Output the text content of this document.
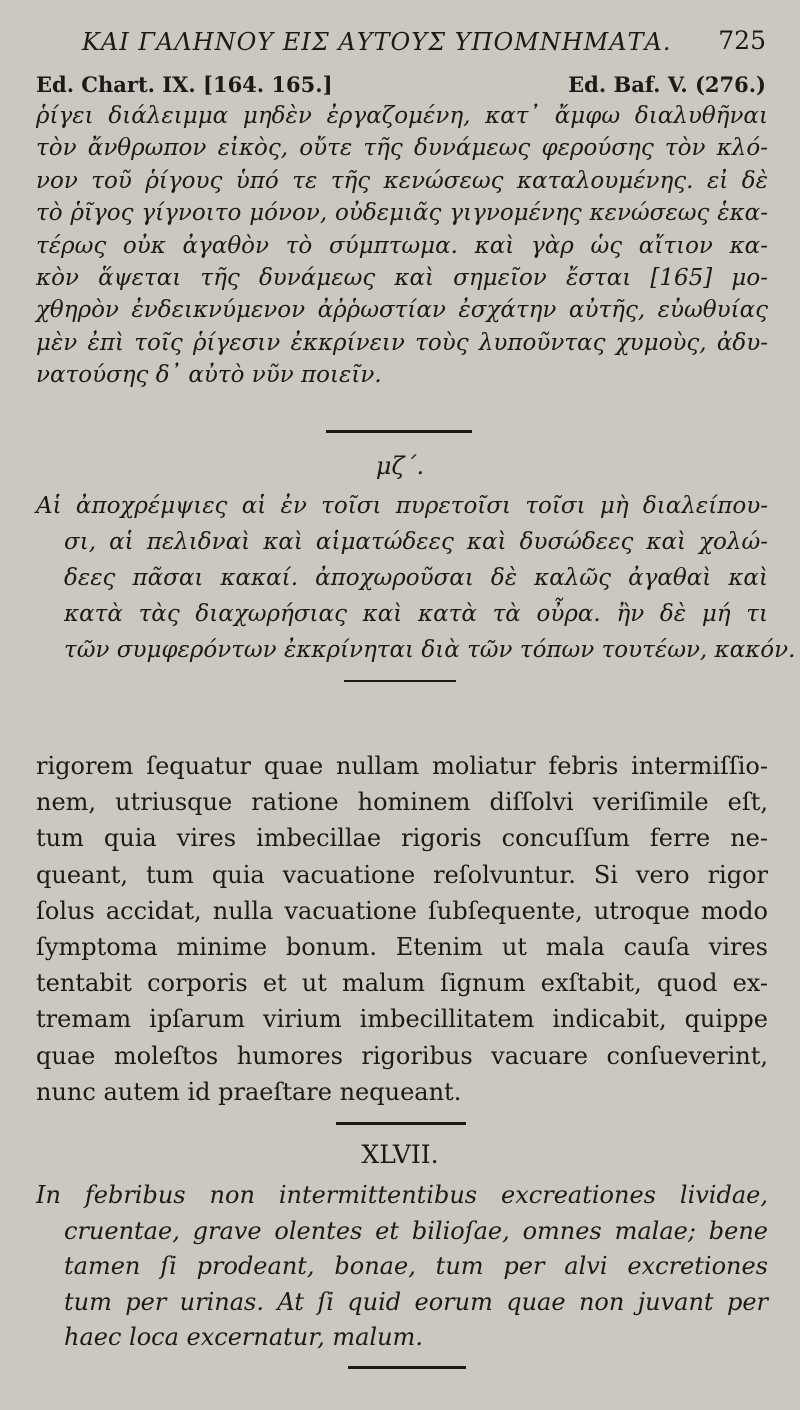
ΚΑΙ ΓΑΛΗΝΟΥ ΕΙΣ ΑΥΤΟΥΣ ΥΠΟΜΝΗΜΑΤΑ. 725
Ed. Chart. IX. [164. 165.]	Ed. Baf. V. (276.)
ῥίγει διάλειμμα μηδὲν ἐργαζομένη, κατ᾽ ἄμφω διαλυθῆναι
τὸν ἄνθρωπον εἰκὸς, οὔτε τῆς δυνάμεως φερούσης τὸν κλό-
νον τοῦ ῥίγους ὑπό τε τῆς κενώσεως καταλουμένης. εἰ δὲ
τὸ ῥῖγος γίγνοιτο μόνον, οὐδεμιᾶς γιγνομένης κενώσεως ἑκα-
τέρως οὐκ ἀγαθὸν τὸ σύμπτωμα. καὶ γὰρ ὡς αἴτιον κα-
κὸν ἅψεται τῆς δυνάμεως καὶ σημεῖον ἔσται [165] μο-
χθηρὸν ἐνδεικνύμενον ἀῤῥωστίαν ἐσχάτην αὐτῆς, εὐωθυίας
μὲν ἐπὶ τοῖς ῥίγεσιν ἐκκρίνειν τοὺς λυποῦντας χυμοὺς, ἀδυ-
νατούσης δ᾽ αὐτὸ νῦν ποιεῖν.
μζ΄.
Αἱ ἀποχρέμψιες αἱ ἐν τοῖσι πυρετοῖσι τοῖσι μὴ διαλείπου-
σι, αἱ πελιδναὶ καὶ αἱματώδεες καὶ δυσώδεες καὶ χολώ-
δεες πᾶσαι κακαί. ἀποχωροῦσαι δὲ καλῶς ἀγαθαὶ καὶ
κατὰ τὰς διαχωρήσιας καὶ κατὰ τὰ οὖρα. ἢν δὲ μή τι
τῶν συμφερόντων ἐκκρίνηται διὰ τῶν τόπων τουτέων, κακόν.
rigorem ſequatur quae nullam moliatur febris intermiſſio-
nem, utriusque ratione hominem diſſolvi veriſimile eſt,
tum quia vires imbecillae rigoris concuſſum ferre ne-
queant, tum quia vacuatione reſolvuntur. Si vero rigor
ſolus accidat, nulla vacuatione ſubſequente, utroque modo
ſymptoma minime bonum. Etenim ut mala cauſa vires
tentabit corporis et ut malum ſignum exſtabit, quod ex-
tremam ipſarum virium imbecillitatem indicabit, quippe
quae moleſtos humores rigoribus vacuare conſueverint,
nunc autem id praeſtare nequeant.
XLVII.
In febribus non intermittentibus excreationes lividae,
cruentae, grave olentes et bilioſae, omnes malae; bene
tamen ſi prodeant, bonae, tum per alvi excretiones
tum per urinas. At ſi quid eorum quae non juvant per
haec loca excernatur, malum.
